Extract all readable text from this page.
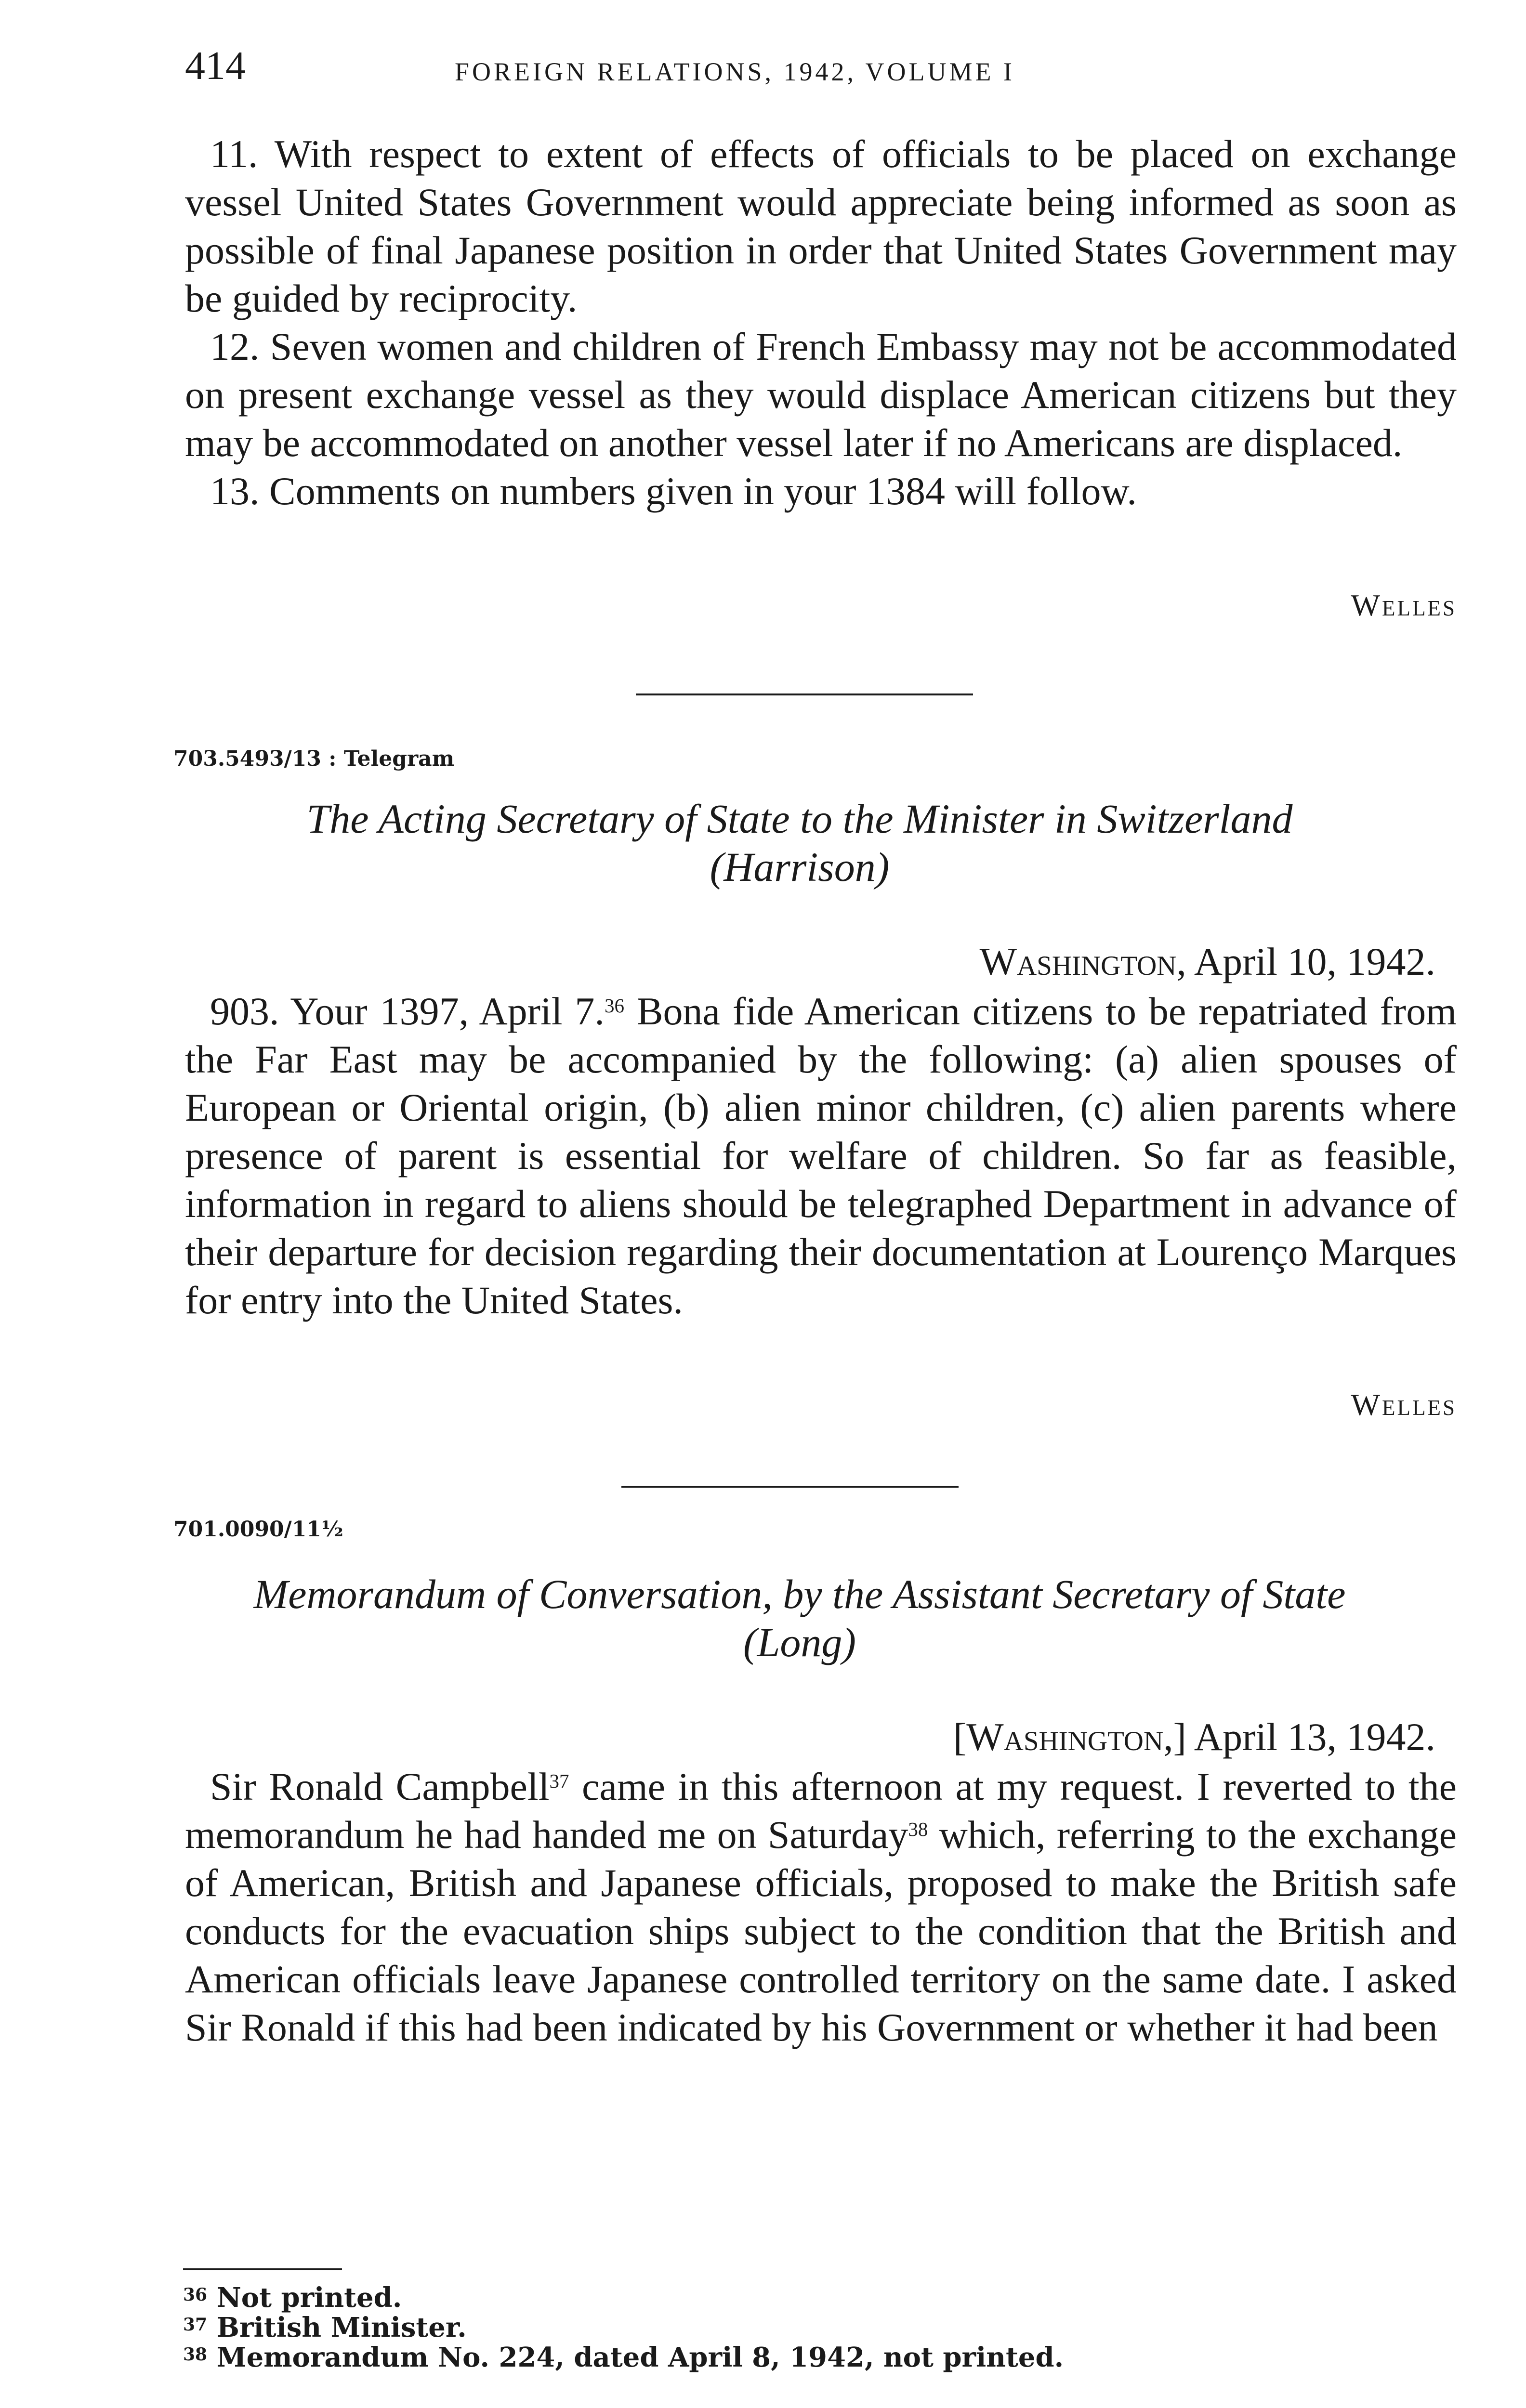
414	FOREIGN RELATIONS, 1942, VOLUME I

11. With respect to extent of effects of officials to be placed on exchange vessel United States Government would appreciate being informed as soon as possible of final Japanese position in order that United States Government may be guided by reciprocity.

12. Seven women and children of French Embassy may not be accommodated on present exchange vessel as they would displace American citizens but they may be accommodated on another vessel later if no Americans are displaced.

13. Comments on numbers given in your 1384 will follow.

Welles
703.5493/13 : Telegram
The Acting Secretary of State to the Minister in Switzerland
(Harrison)
Washington, April 10, 1942.

903. Your 1397, April 7.36 Bona fide American citizens to be repatriated from the Far East may be accompanied by the following: (a) alien spouses of European or Oriental origin, (b) alien minor children, (c) alien parents where presence of parent is essential for welfare of children. So far as feasible, information in regard to aliens should be telegraphed Department in advance of their departure for decision regarding their documentation at Lourenço Marques for entry into the United States.

Welles
701.0090/11½
Memorandum of Conversation, by the Assistant Secretary of State
(Long)
[Washington,] April 13, 1942.

Sir Ronald Campbell$^{37}$ came in this afternoon at my request. I reverted to the memorandum he had handed me on Saturday$^{38}$ which, referring to the exchange of American, British and Japanese officials, proposed to make the British safe conducts for the evacuation ships subject to the condition that the British and American officials leave Japanese controlled territory on the same date. I asked Sir Ronald if this had been indicated by his Government or whether it had been

$^{36}$ Not printed.
$^{37}$ British Minister.
$^{38}$ Memorandum No. 224, dated April 8, 1942, not printed.
